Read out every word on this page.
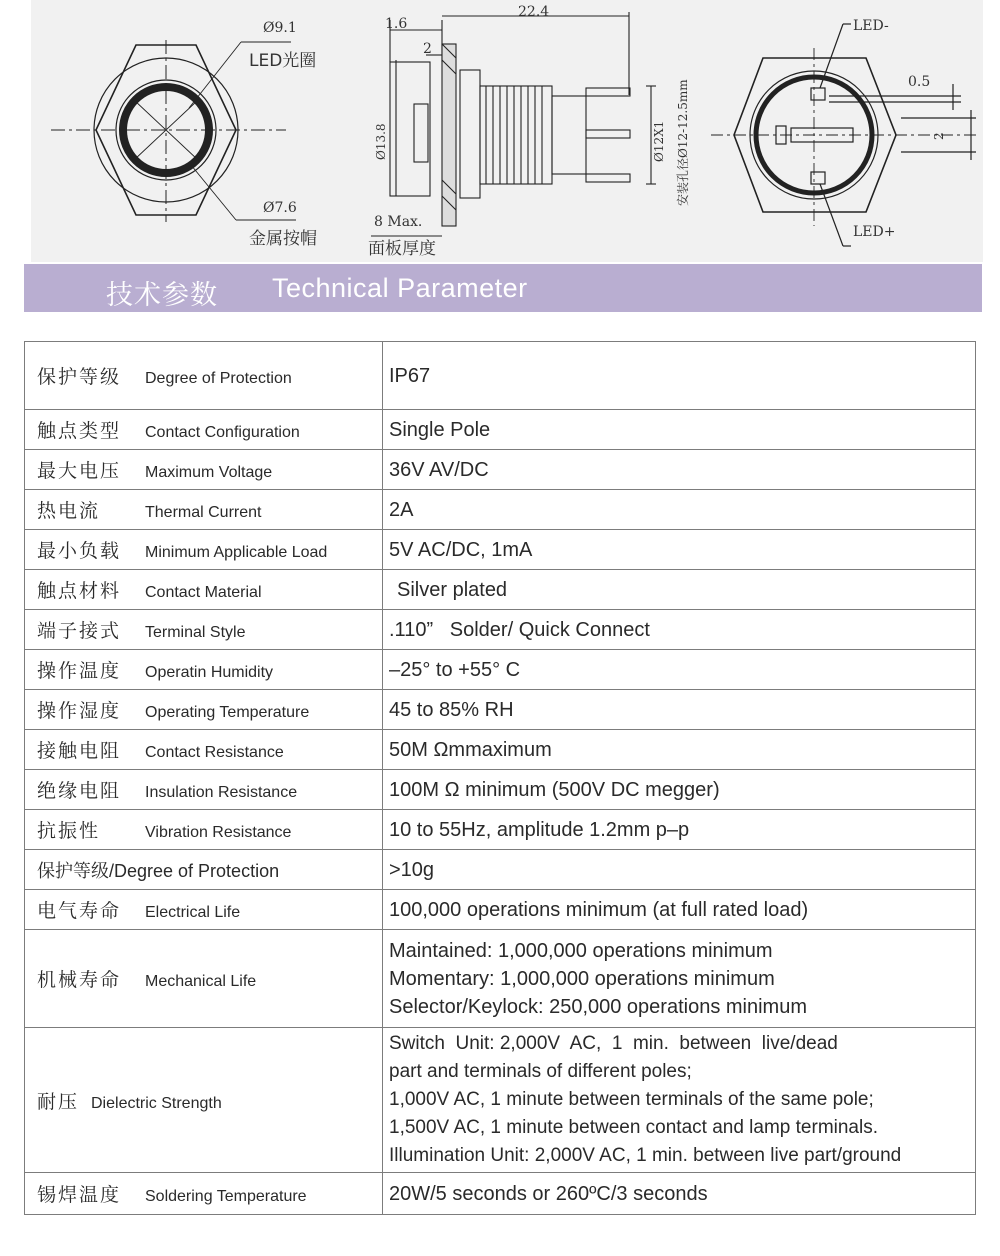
Ø9.1
LED光圈
Ø7.6
金属按帽
1.6
22.4
2
Ø13.8	Ø12X1 安装孔径Ø12-12.5mm
8 Max.
面板厚度
LED-
0.5
2
LED+
技术参数 Technical Parameter
保护等级 Degree of Protection	IP67

触点类型 Contact Configuration	Single Pole

最大电压 Maximum Voltage	36V AV/DC

热电流 Thermal Current	2A

最小负载 Minimum Applicable Load	5V AC/DC, 1mA

触点材料 Contact Material	Silver plated

端子接式 Terminal Style	.110”   Solder/ Quick Connect

操作温度 Operatin Humidity	–25° to +55° C

操作湿度 Operating Temperature	45 to 85% RH

接触电阻 Contact Resistance	50M Ωmmaximum

绝缘电阻 Insulation Resistance	100M Ω minimum (500V DC megger)

抗振性 Vibration Resistance	10 to 55Hz, amplitude 1.2mm p–p

保护等级/Degree of Protection	>10g

电气寿命 Electrical Life	100,000 operations minimum (at full rated load)

机械寿命 Mechanical Life	Maintained: 1,000,000 operations minimum
Momentary: 1,000,000 operations minimum
Selector/Keylock: 250,000 operations minimum

耐压 Dielectric Strength	Switch  Unit: 2,000V  AC,  1  min.  between  live/dead
part and terminals of different poles;
1,000V AC, 1 minute between terminals of the same pole;
1,500V AC, 1 minute between contact and lamp terminals.
Illumination Unit: 2,000V AC, 1 min. between live part/ground

锡焊温度 Soldering Temperature	20W/5 seconds or 260ºC/3 seconds
